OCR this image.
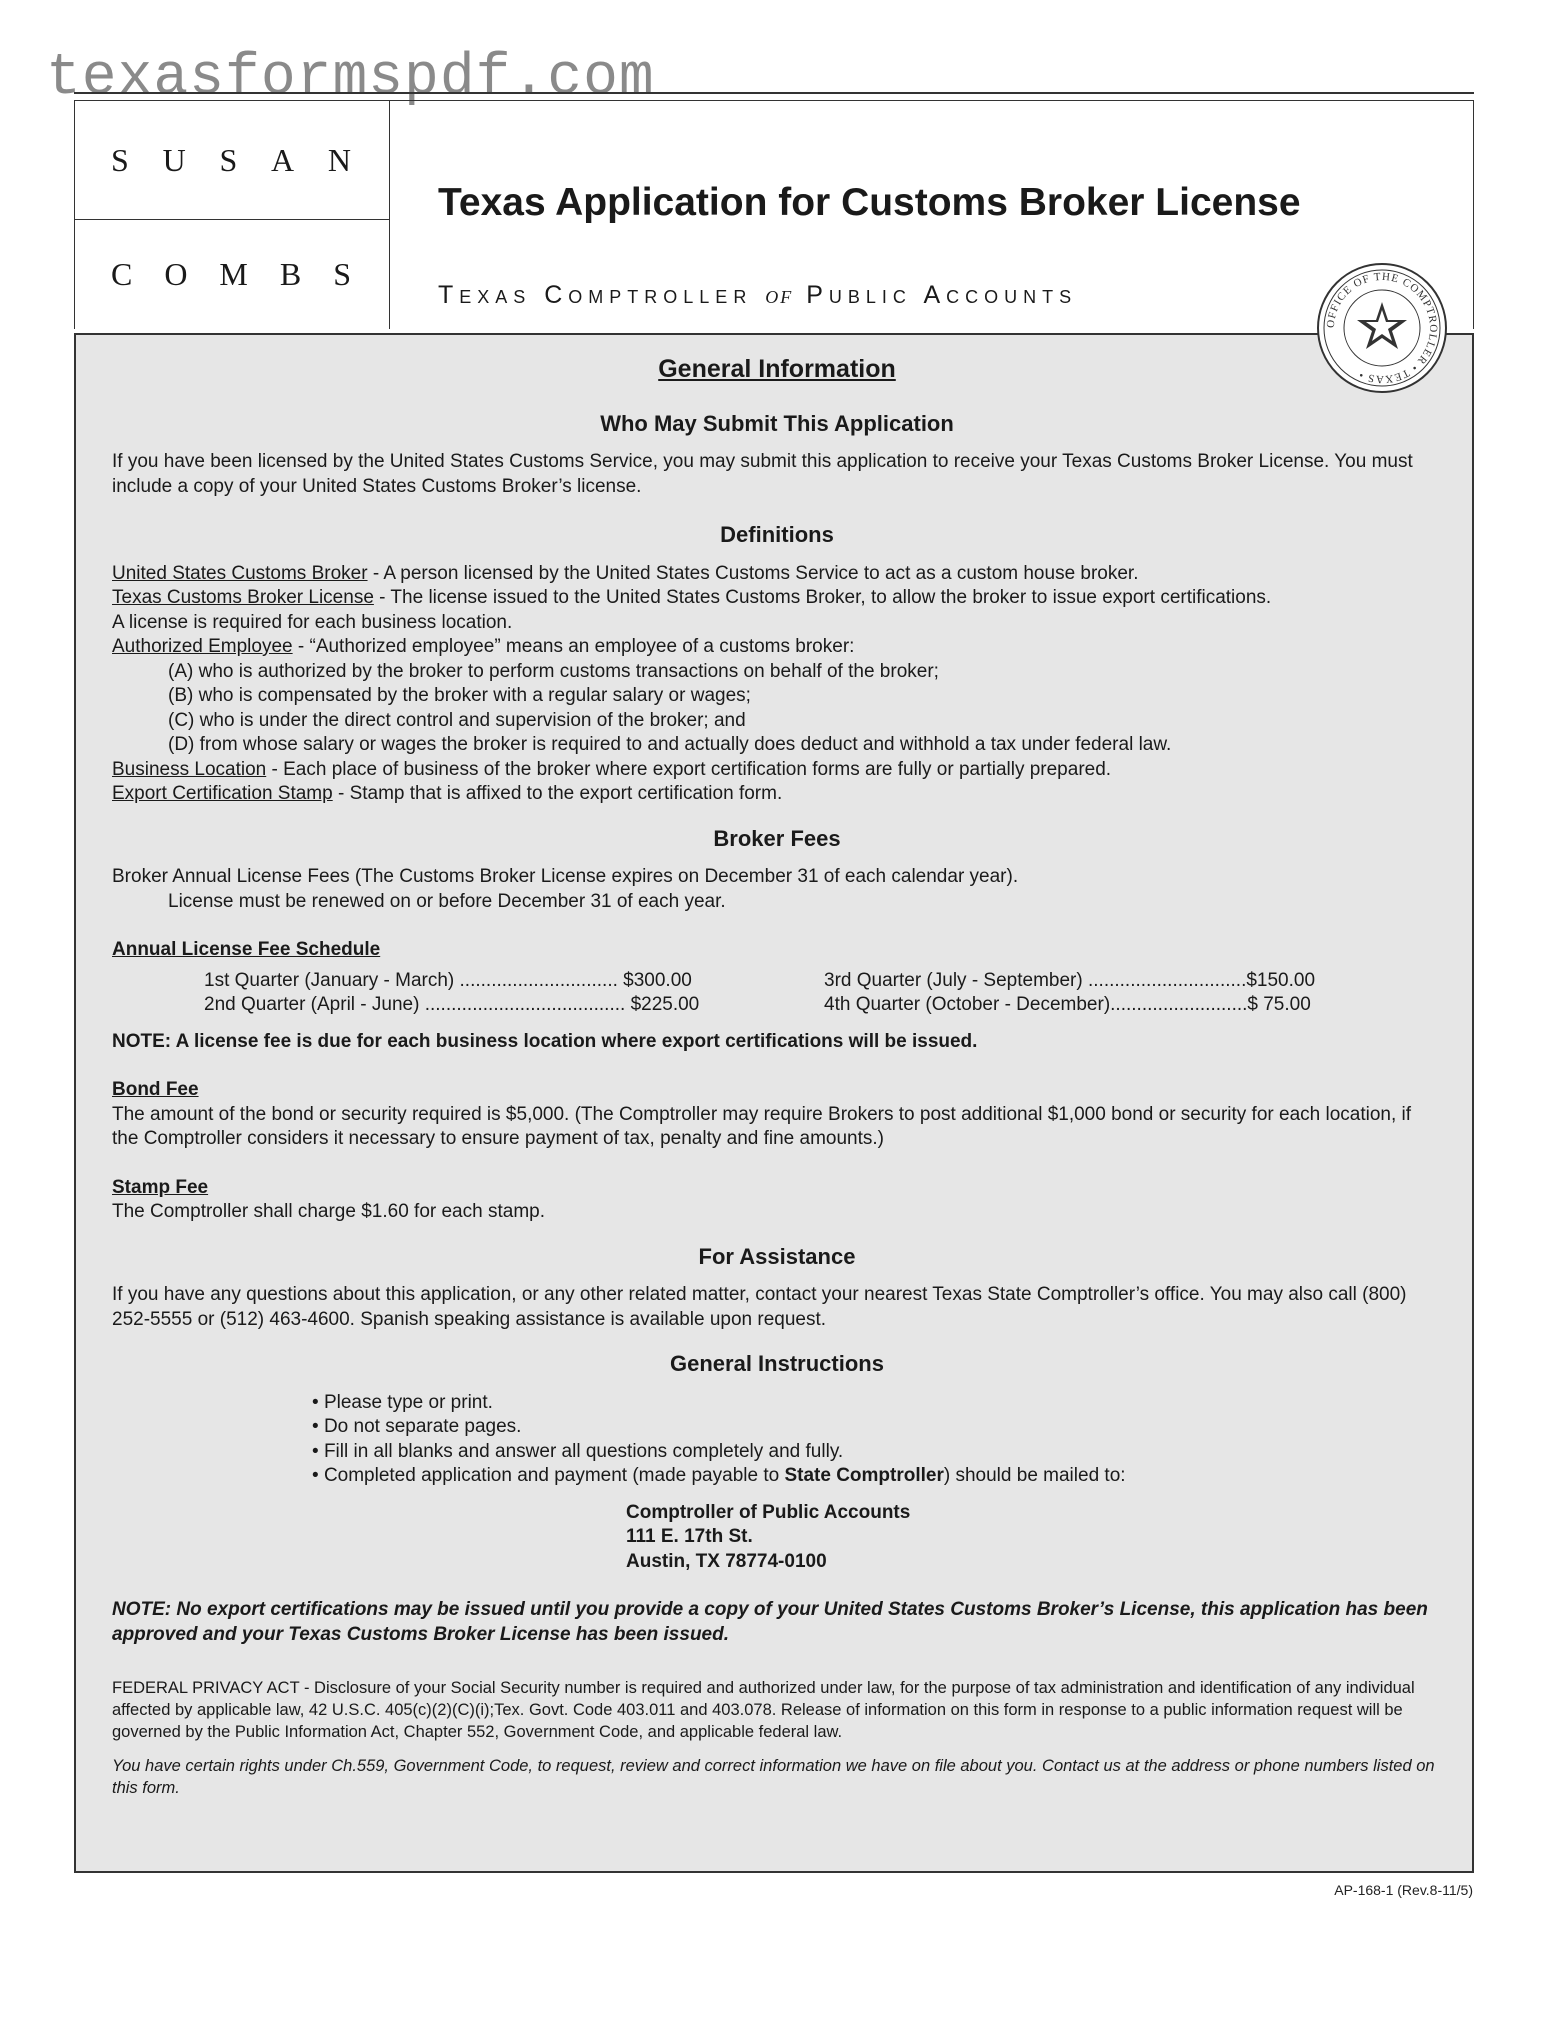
texasformspdf.com
S U S A N
C O M B S
Texas Application for Customs Broker License
Texas Comptroller of Public Accounts

General Information

Who May Submit This Application

If you have been licensed by the United States Customs Service, you may submit this application to receive your Texas Customs Broker License. You must include a copy of your United States Customs Broker’s license.

Definitions

United States Customs Broker - A person licensed by the United States Customs Service to act as a custom house broker.

Texas Customs Broker License - The license issued to the United States Customs Broker, to allow the broker to issue export certifications.

A license is required for each business location.

Authorized Employee - “Authorized employee” means an employee of a customs broker:

(A) who is authorized by the broker to perform customs transactions on behalf of the broker;

(B) who is compensated by the broker with a regular salary or wages;

(C) who is under the direct control and supervision of the broker; and

(D) from whose salary or wages the broker is required to and actually does deduct and withhold a tax under federal law.

Business Location - Each place of business of the broker where export certification forms are fully or partially prepared.

Export Certification Stamp - Stamp that is affixed to the export certification form.

Broker Fees

Broker Annual License Fees (The Customs Broker License expires on December 31 of each calendar year).

License must be renewed on or before December 31 of each year.

Annual License Fee Schedule

1st Quarter (January - March) .............................. $300.00	3rd Quarter (July - September) ..............................$150.00
2nd Quarter (April - June) ...................................... $225.00	4th Quarter (October - December)..........................$ 75.00

NOTE: A license fee is due for each business location where export certifications will be issued.

Bond Fee

The amount of the bond or security required is $5,000. (The Comptroller may require Brokers to post additional $1,000 bond or security for each location, if the Comptroller considers it necessary to ensure payment of tax, penalty and fine amounts.)

Stamp Fee

The Comptroller shall charge $1.60 for each stamp.

For Assistance

If you have any questions about this application, or any other related matter, contact your nearest Texas State Comptroller’s office. You may also call (800) 252-5555 or (512) 463-4600. Spanish speaking assistance is available upon request.

General Instructions

• Please type or print.

• Do not separate pages.

• Fill in all blanks and answer all questions completely and fully.

• Completed application and payment (made payable to State Comptroller) should be mailed to:

Comptroller of Public Accounts

111 E. 17th St.

Austin, TX 78774-0100

NOTE: No export certifications may be issued until you provide a copy of your United States Customs Broker’s License, this application has been approved and your Texas Customs Broker License has been issued.

FEDERAL PRIVACY ACT - Disclosure of your Social Security number is required and authorized under law, for the purpose of tax administration and identification of any individual affected by applicable law, 42 U.S.C. 405(c)(2)(C)(i);Tex. Govt. Code 403.011 and 403.078. Release of information on this form in response to a public information request will be governed by the Public Information Act, Chapter 552, Government Code, and applicable federal law.

You have certain rights under Ch.559, Government Code, to request, review and correct information we have on file about you. Contact us at the address or phone numbers listed on this form.

OFFICE OF THE COMPTROLLER • TEXAS •
AP-168-1 (Rev.8-11/5)
